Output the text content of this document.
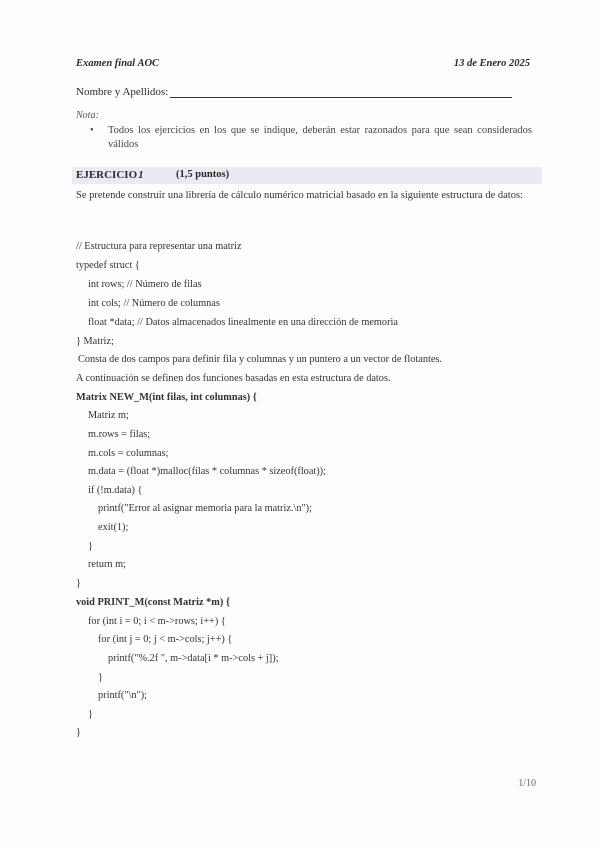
Examen final AOC	13 de Enero 2025
Nombre y Apellidos:
Nota:
•	Todos los ejercicios en los que se indique, deberán estar razonados para que sean considerados válidos
EJERCICIO1	(1,5 puntos)
Se pretende construir una librería de cálculo numérico matricial basado en la siguiente estructura de datos:
// Estructura para representar una matriz
typedef struct {
int rows; // Número de filas
int cols; // Número de columnas
float *data; // Datos almacenados linealmente en una dirección de memoria
} Matriz;
Consta de dos campos para definir fila y columnas y un puntero a un vector de flotantes.
A continuación se definen dos funciones basadas en esta estructura de datos.
Matrix NEW_M(int filas, int columnas) {
Matriz m;
m.rows = filas;
m.cols = columnas;
m.data = (float *)malloc(filas * columnas * sizeof(float));
if (!m.data) {
printf("Error al asignar memoria para la matriz.\n");
exit(1);
}
return m;
}
void PRINT_M(const Matriz *m) {
for (int i = 0; i < m->rows; i++) {
for (int j = 0; j < m->cols; j++) {
printf("%.2f ", m->data[i * m->cols + j]);
}
printf("\n");
}
}
1/10
